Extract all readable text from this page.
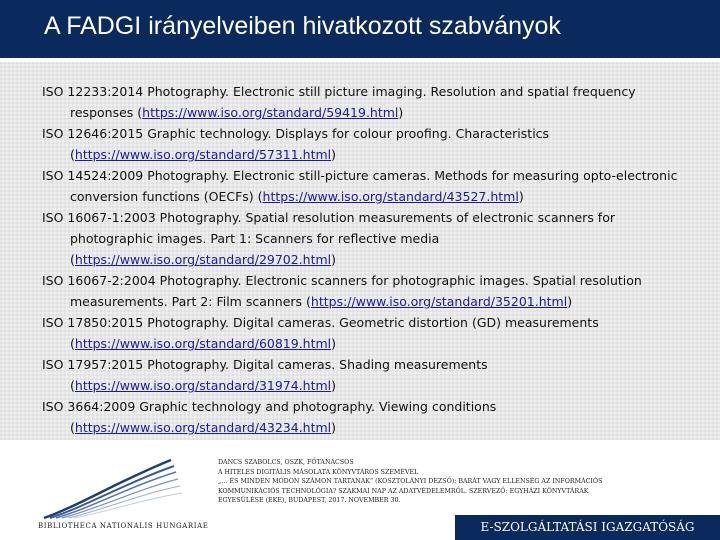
A FADGI irányelveiben hivatkozott szabványok
ISO 12233:2014 Photography. Electronic still picture imaging. Resolution and spatial frequency responses (https://www.iso.org/standard/59419.html)
ISO 12646:2015 Graphic technology. Displays for colour proofing. Characteristics (https://www.iso.org/standard/57311.html)
ISO 14524:2009 Photography. Electronic still-picture cameras. Methods for measuring opto-electronic conversion functions (OECFs) (https://www.iso.org/standard/43527.html)
ISO 16067-1:2003 Photography. Spatial resolution measurements of electronic scanners for photographic images. Part 1: Scanners for reflective media (https://www.iso.org/standard/29702.html)
ISO 16067-2:2004 Photography. Electronic scanners for photographic images. Spatial resolution measurements. Part 2: Film scanners (https://www.iso.org/standard/35201.html)
ISO 17850:2015 Photography. Digital cameras. Geometric distortion (GD) measurements (https://www.iso.org/standard/60819.html)
ISO 17957:2015 Photography. Digital cameras. Shading measurements (https://www.iso.org/standard/31974.html)
ISO 3664:2009 Graphic technology and photography. Viewing conditions (https://www.iso.org/standard/43234.html)
BIBLIOTHECA NATIONALIS HUNGARIAE
DANCS SZABOLCS, OSZK, FŐTANÁCSOS
A HITELES DIGITÁLIS MÁSOLATA KÖNYVTÁROS SZEMÉVEL
„… ÉS MINDEN MÓDON SZÁMON TARTANAK” (KOSZTOLÁNYI DEZSŐ): BARÁT VAGY ELLENSÉG AZ INFORMÁCIÓS
KOMMUNIKÁCIÓS TECHNOLÓGIA? SZAKMAI NAP AZ ADATVÉDELEMRŐL. SZERVEZŐ: EGYHÁZI KÖNYVTÁRAK
EGYESÜLÉSE (EKE), BUDAPEST, 2017. NOVEMBER 30.
E-SZOLGÁLTATÁSI IGAZGATÓSÁG
